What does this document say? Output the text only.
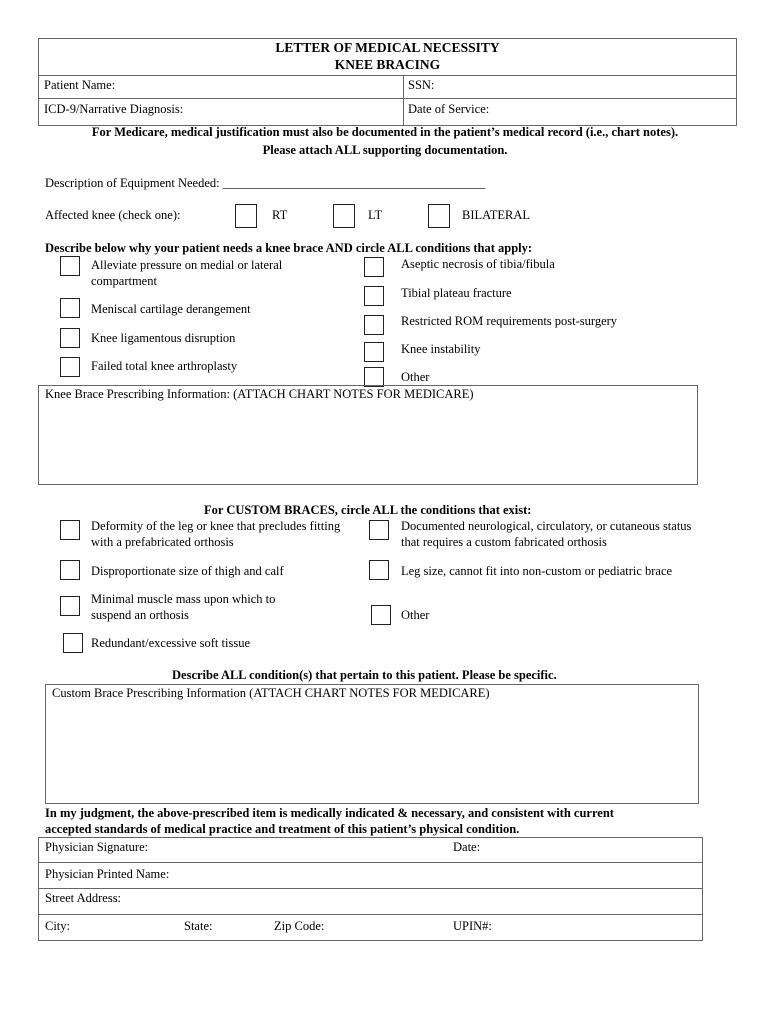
LETTER OF MEDICAL NECESSITY
KNEE BRACING
Patient Name:	SSN:
ICD-9/Narrative Diagnosis:	Date of Service:
For Medicare, medical justification must also be documented in the patient’s medical record (i.e., chart notes).
Please attach ALL supporting documentation.
Description of Equipment Needed: __________________________________________
Affected knee (check one):	RT	LT	BILATERAL
Describe below why your patient needs a knee brace AND circle ALL conditions that apply:
Alleviate pressure on medial or lateral compartment
Meniscal cartilage derangement
Knee ligamentous disruption
Failed total knee arthroplasty
Aseptic necrosis of tibia/fibula
Tibial plateau fracture
Restricted ROM requirements post-surgery
Knee instability
Other
Knee Brace Prescribing Information: (ATTACH CHART NOTES FOR MEDICARE)
For CUSTOM BRACES, circle ALL the conditions that exist:
Deformity of the leg or knee that precludes fitting with a prefabricated orthosis
Disproportionate size of thigh and calf
Minimal muscle mass upon which to suspend an orthosis
Redundant/excessive soft tissue
Documented neurological, circulatory, or cutaneous status that requires a custom fabricated orthosis
Leg size, cannot fit into non-custom or pediatric brace
Other
Describe ALL condition(s) that pertain to this patient. Please be specific.
Custom Brace Prescribing Information (ATTACH CHART NOTES FOR MEDICARE)
In my judgment, the above-prescribed item is medically indicated & necessary, and consistent with current
accepted standards of medical practice and treatment of this patient’s physical condition.
Physician Signature:	Date:
Physician Printed Name:
Street Address:
City:	State:	Zip Code:	UPIN#:
